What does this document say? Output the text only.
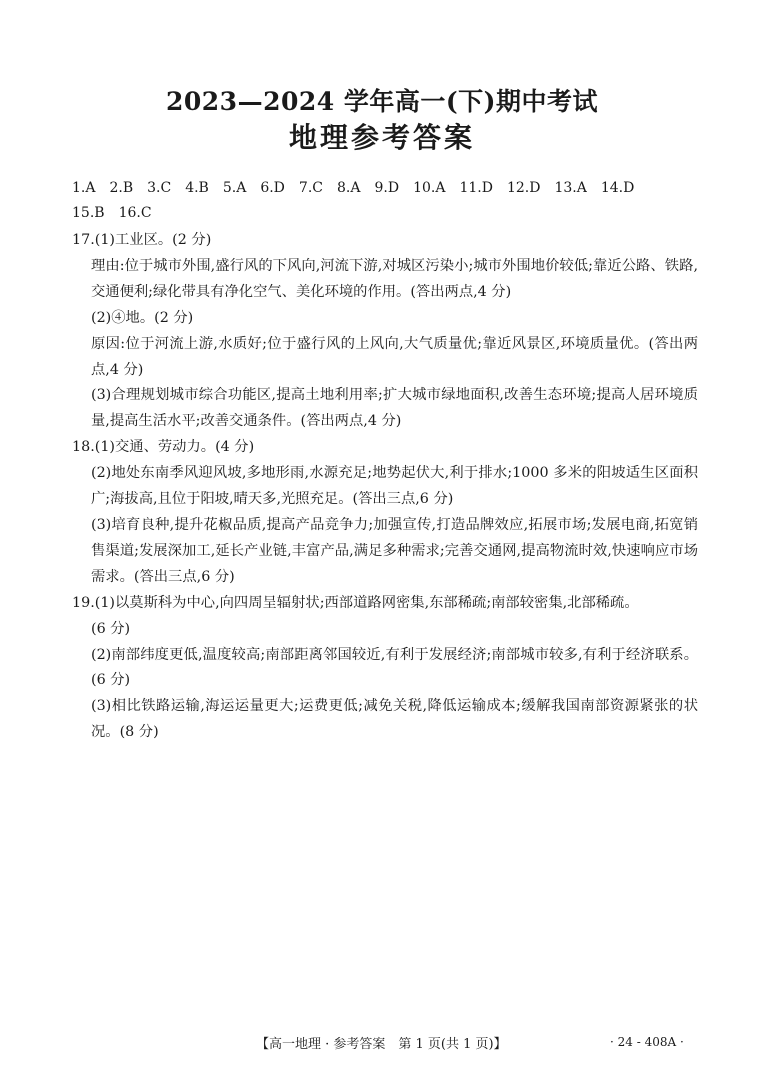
2023—2024 学年高一(下)期中考试
地理参考答案
1.A 2.B 3.C 4.B 5.A 6.D 7.C 8.A 9.D 10.A 11.D 12.D 13.A 14.D
15.B 16.C

17.(1)工业区。(2 分)

理由:位于城市外围,盛行风的下风向,河流下游,对城区污染小;城市外围地价较低;靠近公路、铁路,交通便利;绿化带具有净化空气、美化环境的作用。(答出两点,4 分)

(2)④地。(2 分)

原因:位于河流上游,水质好;位于盛行风的上风向,大气质量优;靠近风景区,环境质量优。(答出两点,4 分)

(3)合理规划城市综合功能区,提高土地利用率;扩大城市绿地面积,改善生态环境;提高人居环境质量,提高生活水平;改善交通条件。(答出两点,4 分)

18.(1)交通、劳动力。(4 分)

(2)地处东南季风迎风坡,多地形雨,水源充足;地势起伏大,利于排水;1000 多米的阳坡适生区面积广;海拔高,且位于阳坡,晴天多,光照充足。(答出三点,6 分)

(3)培育良种,提升花椒品质,提高产品竞争力;加强宣传,打造品牌效应,拓展市场;发展电商,拓宽销售渠道;发展深加工,延长产业链,丰富产品,满足多种需求;完善交通网,提高物流时效,快速响应市场需求。(答出三点,6 分)

19.(1)以莫斯科为中心,向四周呈辐射状;西部道路网密集,东部稀疏;南部较密集,北部稀疏。

(6 分)

(2)南部纬度更低,温度较高;南部距离邻国较近,有利于发展经济;南部城市较多,有利于经济联系。(6 分)

(3)相比铁路运输,海运运量更大;运费更低;减免关税,降低运输成本;缓解我国南部资源紧张的状况。(8 分)

【高一地理 · 参考答案　第 1 页(共 1 页)】	· 24 - 408A ·
